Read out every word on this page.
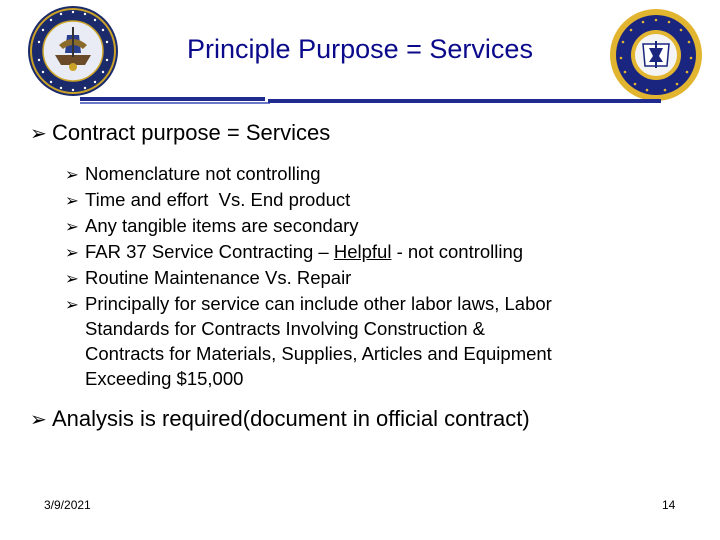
Principle Purpose = Services

➢ Contract purpose = Services

➢ Nomenclature not controlling

➢ Time and effort  Vs. End product

➢ Any tangible items are secondary

➢ FAR 37 Service Contracting – Helpful - not controlling

➢ Routine Maintenance Vs. Repair

➢ Principally for service can include other labor laws, Labor
Standards for Contracts Involving Construction &
Contracts for Materials, Supplies, Articles and Equipment
Exceeding $15,000

➢ Analysis is required(document in official contract)

3/9/2021	14
